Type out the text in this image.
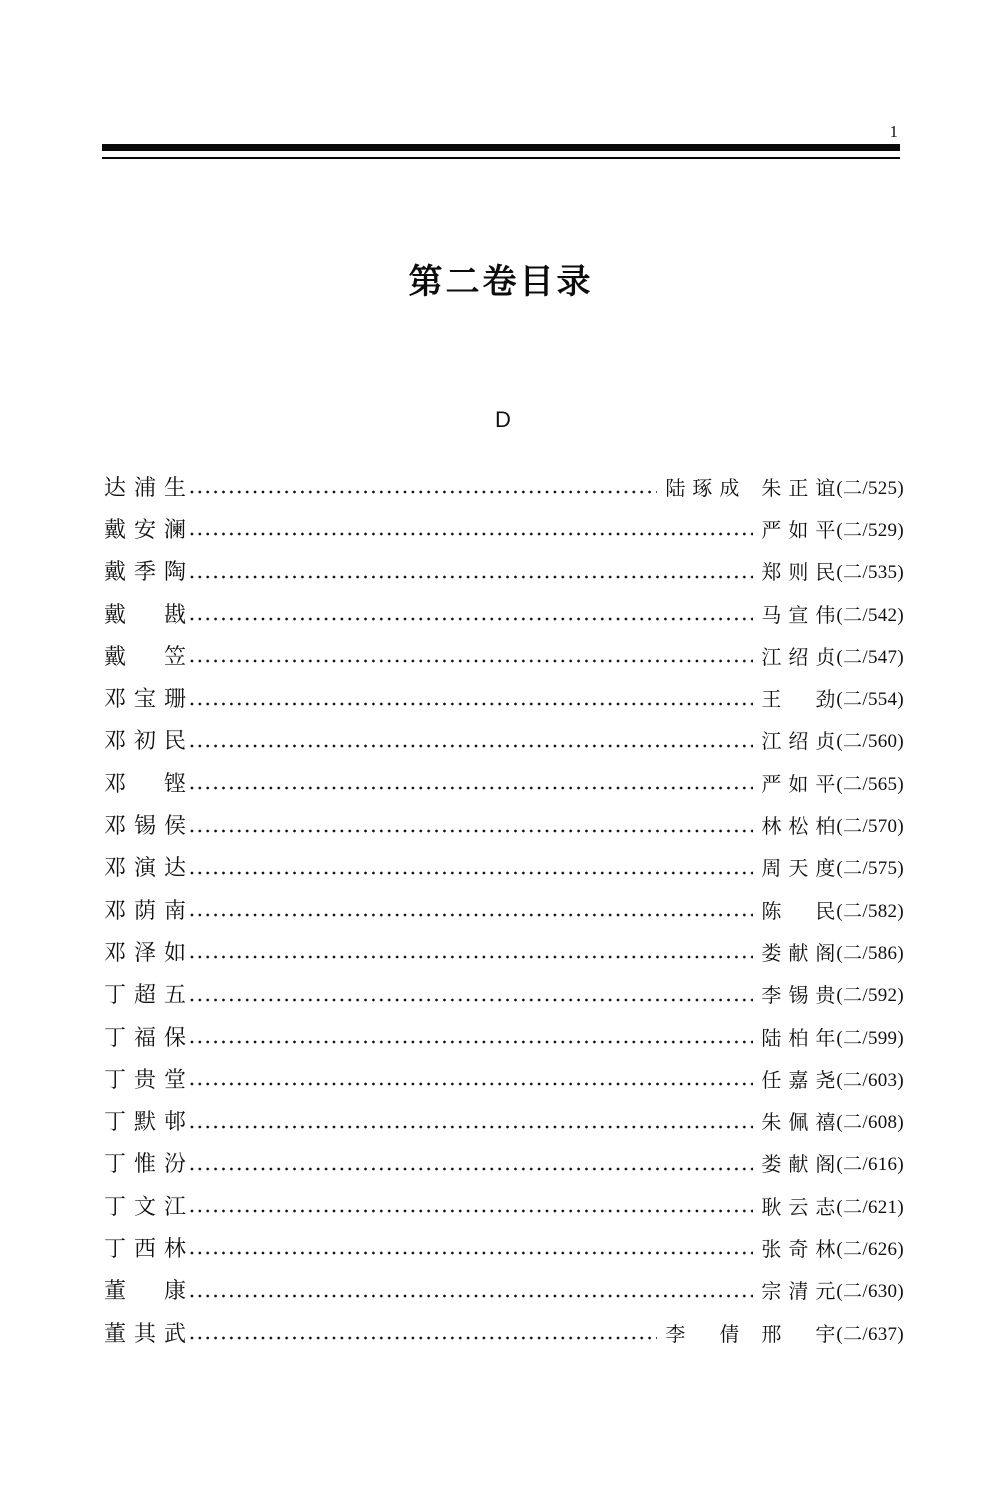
1
第二卷目录
D
达 浦 生	陆 琢 成 朱 正 谊 (二/525)
戴 安 澜	严 如 平 (二/529)
戴 季 陶	郑 则 民 (二/535)
戴 戡	马 宣 伟 (二/542)
戴 笠	江 绍 贞 (二/547)
邓 宝 珊	王 劲 (二/554)
邓 初 民	江 绍 贞 (二/560)
邓 铿	严 如 平 (二/565)
邓 锡 侯	林 松 柏 (二/570)
邓 演 达	周 天 度 (二/575)
邓 荫 南	陈 民 (二/582)
邓 泽 如	娄 献 阁 (二/586)
丁 超 五	李 锡 贵 (二/592)
丁 福 保	陆 柏 年 (二/599)
丁 贵 堂	任 嘉 尧 (二/603)
丁 默 邨	朱 佩 禧 (二/608)
丁 惟 汾	娄 献 阁 (二/616)
丁 文 江	耿 云 志 (二/621)
丁 西 林	张 奇 林 (二/626)
董 康	宗 清 元 (二/630)
董 其 武	李 倩 邢 宇 (二/637)
